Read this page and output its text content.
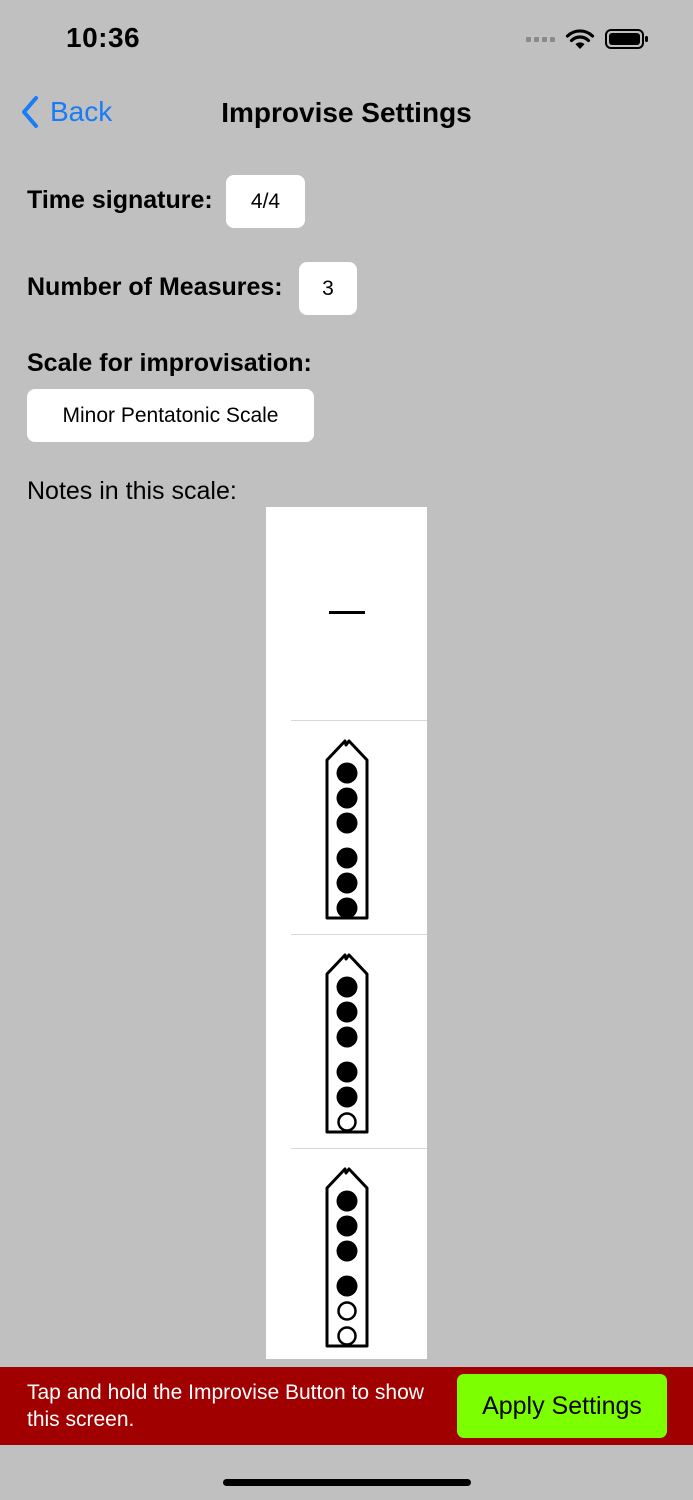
10:36
Improvise Settings
Back
Time signature:	4/4
Number of Measures:	3
Scale for improvisation:
Minor Pentatonic Scale
Notes in this scale:
Tap and hold the Improvise Button to show this screen.	Apply Settings
